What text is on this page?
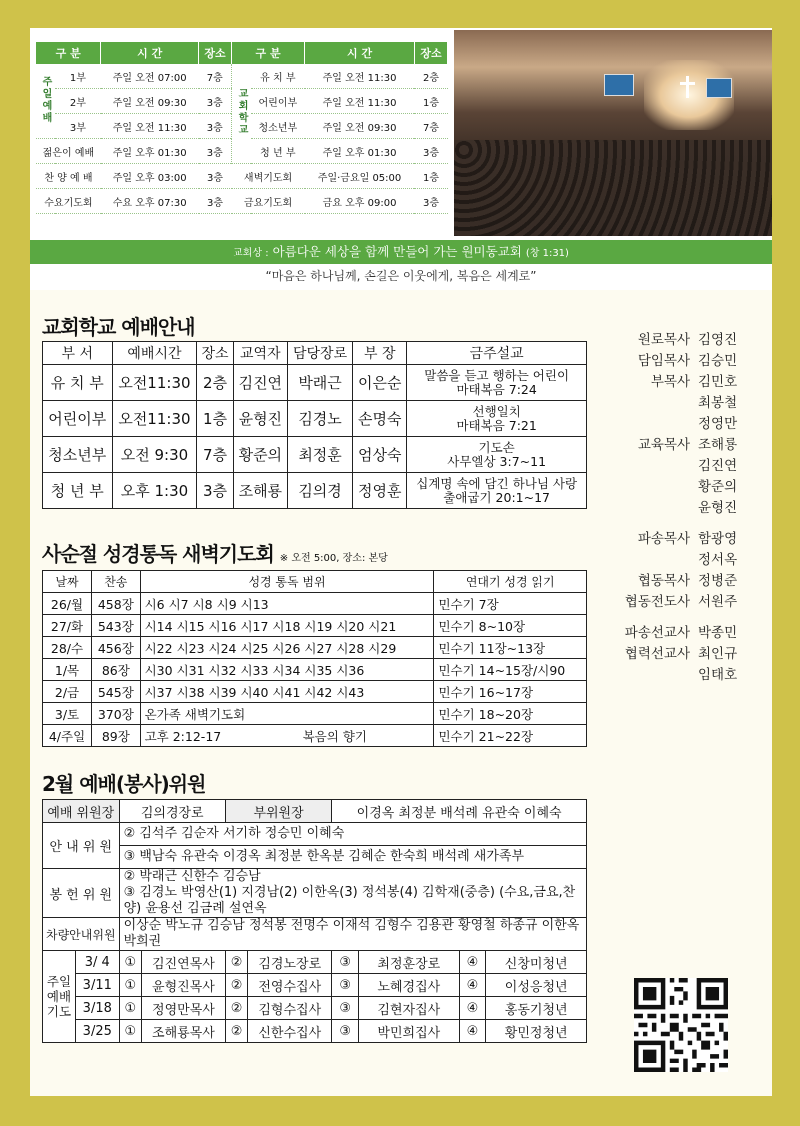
구 분		시 간	장소	구 분		시 간	장소
주일예배	1부	주일 오전 07:00	7층	교회학교	유 치 부	주일 오전 11:30	2층
	2부	주일 오전 09:30	3층		어린이부	주일 오전 11:30	1층
	3부	주일 오전 11:30	3층		청소년부	주일 오전 09:30	7층
젊은이 예배		주일 오후 01:30	3층		청 년 부	주일 오후 01:30	3층
찬 양 예 배		주일 오후 03:00	3층	새벽기도회		주일·금요일 05:00	1층
수요기도회		수요 오후 07:30	3층	금요기도회		금요 오후 09:00	3층
교회상 : 아름다운 세상을 함께 만들어 가는 원미동교회 (창 1:31)
“마음은 하나님께, 손길은 이웃에게, 복음은 세계로”
교회학교 예배안내
부 서	예배시간	장소	교역자	담당장로	부 장	금주설교
유 치 부	오전11:30	2층	김진연	박래근	이은순	말씀을 듣고 행하는 어린이
마태복음 7:24
어린이부	오전11:30	1층	윤형진	김경노	손명숙	선행일치
마태복음 7:21
청소년부	오전 9:30	7층	황준의	최정훈	엄상숙	기도손
사무엘상 3:7~11
청 년 부	오후 1:30	3층	조해룡	김의경	정영훈	십계명 속에 담긴 하나님 사랑
출애굽기 20:1~17
사순절 성경통독 새벽기도회 ※ 오전 5:00, 장소: 본당
날짜	찬송	성경 통독 범위		연대기 성경 읽기
26/월	458장	시6 시7 시8 시9 시13		민수기 7장
27/화	543장	시14 시15 시16 시17 시18 시19 시20 시21		민수기 8~10장
28/수	456장	시22 시23 시24 시25 시26 시27 시28 시29		민수기 11장~13장
1/목	86장	시30 시31 시32 시33 시34 시35 시36		민수기 14~15장/시90
2/금	545장	시37 시38 시39 시40 시41 시42 시43		민수기 16~17장
3/토	370장	온가족 새벽기도회		민수기 18~20장
4/주일	89장	고후 2:12-17	복음의 향기	민수기 21~22장
2월 예배(봉사)위원
예배 위원장		김의경장로		부위원장		이경옥 최정분 배석례 유관숙 이혜숙			
안 내 위 원		② 김석주 김순자 서기하 정승민 이혜숙							
		③ 백남숙 유관숙 이경옥 최정분 한옥분 김혜순 한숙희 배석례 새가족부							
봉 헌 위 원		② 박래근 신한수 김승남
③ 김경노 박영산(1) 지경남(2) 이한옥(3) 정석봉(4) 김학재(중층) (수요,금요,찬양) 윤용선 김금례 설연옥							
차량안내위원		이상순 박노규 김승남 정석봉 전명수 이재석 김형수 김용관 황영철 하종규 이한옥 박희권							
주일 예배 기도	3/ 4	①	김진연목사	②	김경노장로	③	최정훈장로	④	신창미청년
	3/11	①	윤형진목사	②	전영수집사	③	노혜경집사	④	이성응청년
	3/18	①	정영만목사	②	김형수집사	③	김현자집사	④	홍동기청년
	3/25	①	조해룡목사	②	신한수집사	③	박민희집사	④	황민정청년
원로목사 김영진
담임목사 김승민
부목사 김민호
최봉철
정영만
교육목사 조해룡
김진연
황준의
윤형진
파송목사 함광영
정서옥
협동목사 정병준
협동전도사 서원주
파송선교사 박종민
협력선교사 최인규
임태호
